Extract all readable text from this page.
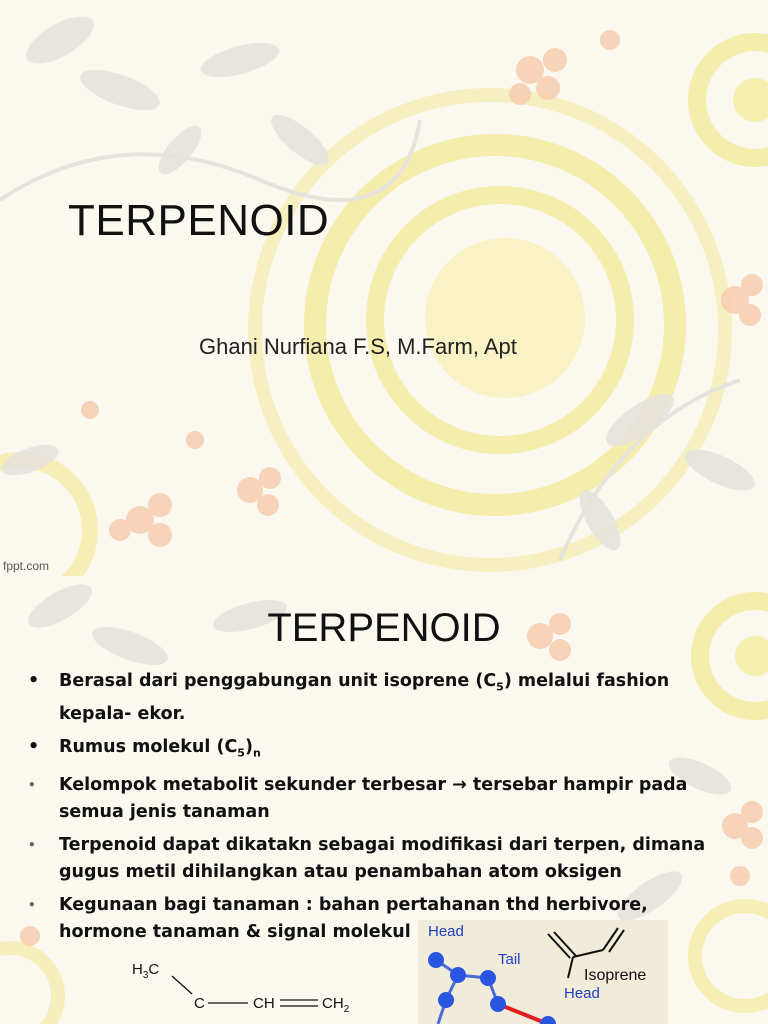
TERPENOID
Ghani Nurfiana F.S, M.Farm, Apt
fppt.com
TERPENOID
• Berasal dari penggabungan unit isoprene $(C_5)$ melalui fashion kepala- ekor.
• Rumus molekul $(C_5)_n$
• Kelompok metabolit sekunder terbesar → tersebar hampir pada semua jenis tanaman
• Terpenoid dapat dikatakn sebagai modifikasi dari terpen, dimana gugus metil dihilangkan atau penambahan atom oksigen
• Kegunaan bagi tanaman : bahan pertahanan thd herbivore, hormone tanaman & signal molekul
$H_3C$
C	CH	$CH_2$
Isoprene
Head
Tail
Head
